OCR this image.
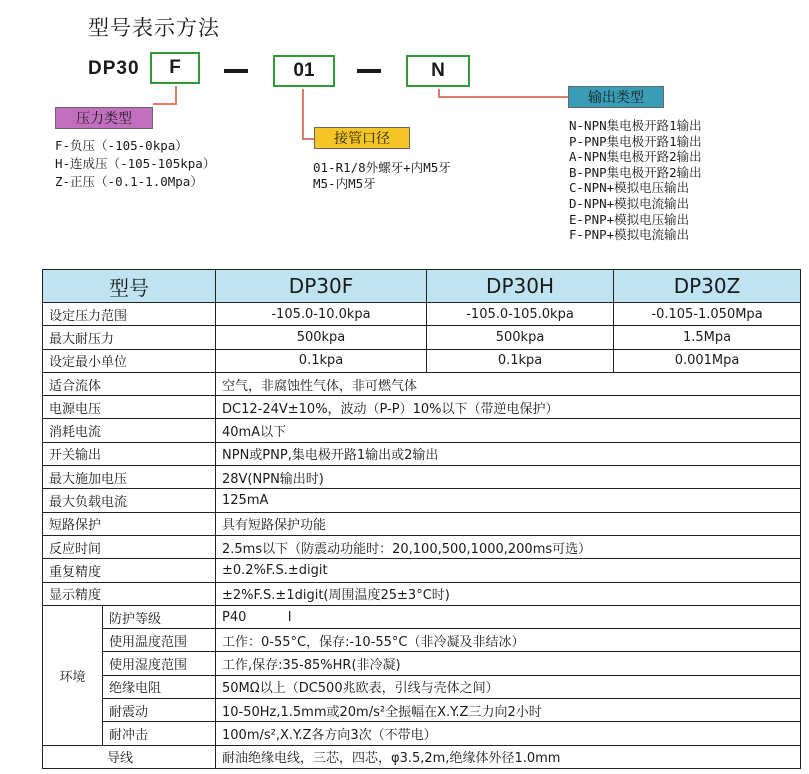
型号表示方法
DP30	F	01	N
压力类型
接管口径
输出类型
F-负压（-105-0kpa）
H-连成压（-105-105kpa）
Z-正压（-0.1-1.0Mpa）
01-R1/8外螺牙+内M5牙
M5-内M5牙
N-NPN集电极开路1输出
P-PNP集电极开路1输出
A-NPN集电极开路2输出
B-PNP集电极开路2输出
C-NPN+模拟电压输出
D-NPN+模拟电流输出
E-PNP+模拟电压输出
F-PNP+模拟电流输出
型号		DP30F	DP30H	DP30Z
设定压力范围		-105.0-10.0kpa	-105.0-105.0kpa	-0.105-1.050Mpa
最大耐压力		500kpa	500kpa	1.5Mpa
设定最小单位		0.1kpa	0.1kpa	0.001Mpa
适合流体		空气，非腐蚀性气体，非可燃气体		
电源电压		DC12-24V±10%，波动（P-P）10%以下（带逆电保护）		
消耗电流		40mA以下		
开关输出		NPN或PNP,集电极开路1输出或2输出		
最大施加电压		28V(NPN输出时)		
最大负载电流		125mA		
短路保护		具有短路保护功能		
反应时间		2.5ms以下（防震动功能时：20,100,500,1000,200ms可选）		
重复精度		±0.2%F.S.±digit		
显示精度		±2%F.S.±1digit(周围温度25±3°C时)		
环境	防护等级	P40          I		
	使用温度范围	工作：0-55°C，保存:-10-55°C（非冷凝及非结冰）		
	使用湿度范围	工作,保存:35-85%HR(非冷凝)		
	绝缘电阻	50MΩ以上（DC500兆欧表，引线与壳体之间）		
	耐震动	10-50Hz,1.5mm或20m/s²全振幅在X.Y.Z三力向2小时		
	耐冲击	100m/s²,X.Y.Z各方向3次（不带电）		
导线		耐油绝缘电线，三芯，四芯，φ3.5,2m,绝缘体外径1.0mm		
